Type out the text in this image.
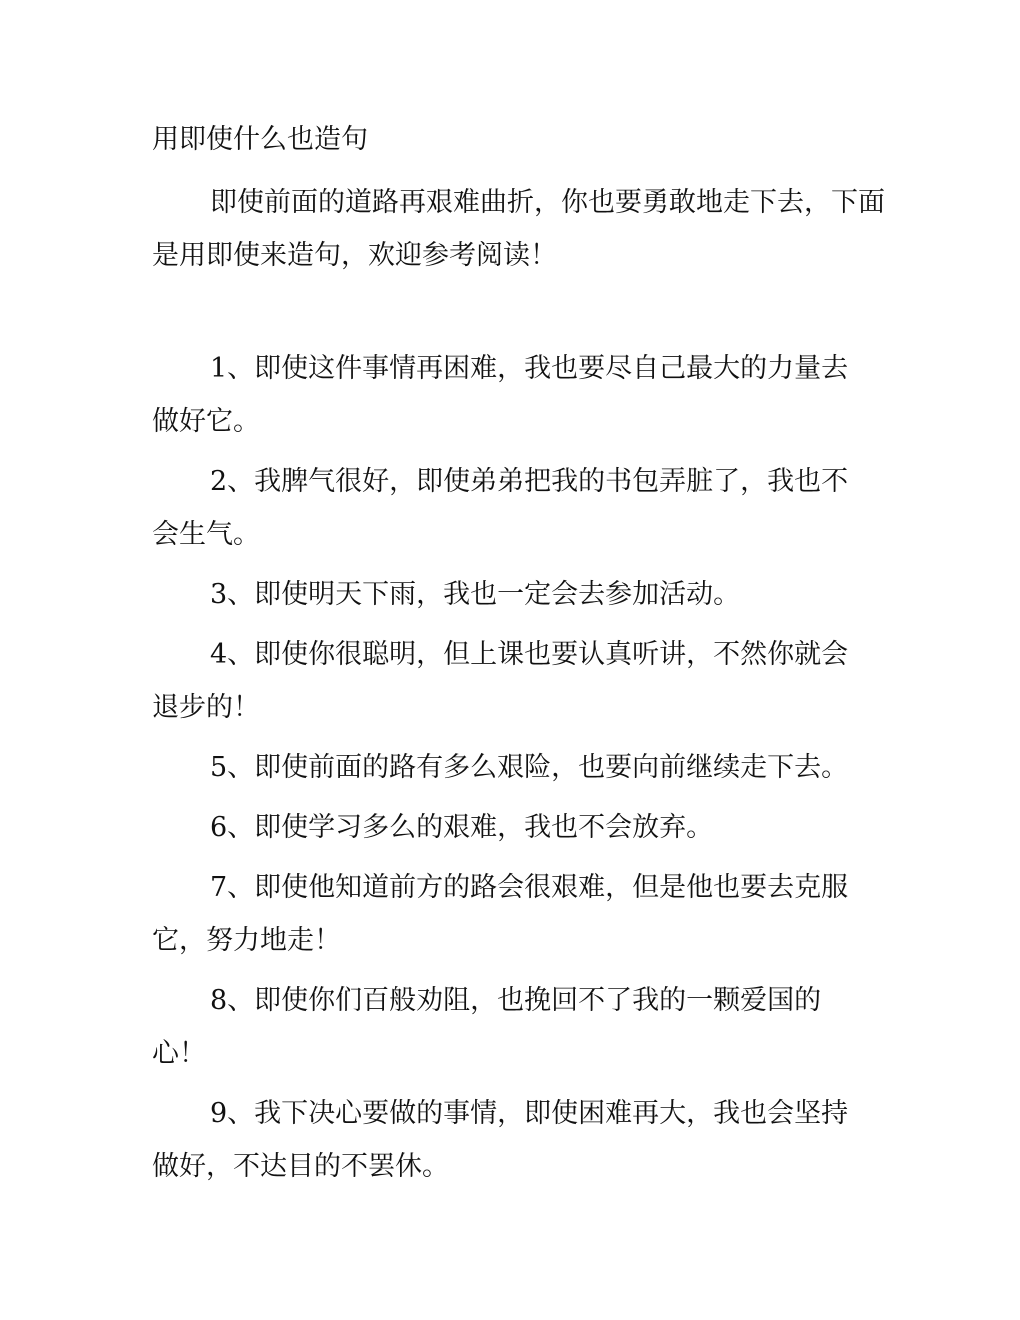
用即使什么也造句

即使前面的道路再艰难曲折，你也要勇敢地走下去，下面是用即使来造句，欢迎参考阅读！

1、即使这件事情再困难，我也要尽自己最大的力量去做好它。
2、我脾气很好，即使弟弟把我的书包弄脏了，我也不会生气。
3、即使明天下雨，我也一定会去参加活动。
4、即使你很聪明，但上课也要认真听讲，不然你就会退步的！
5、即使前面的路有多么艰险，也要向前继续走下去。
6、即使学习多么的艰难，我也不会放弃。
7、即使他知道前方的路会很艰难，但是他也要去克服它，努力地走！
8、即使你们百般劝阻，也挽回不了我的一颗爱国的心！
9、我下决心要做的事情，即使困难再大，我也会坚持做好，不达目的不罢休。
